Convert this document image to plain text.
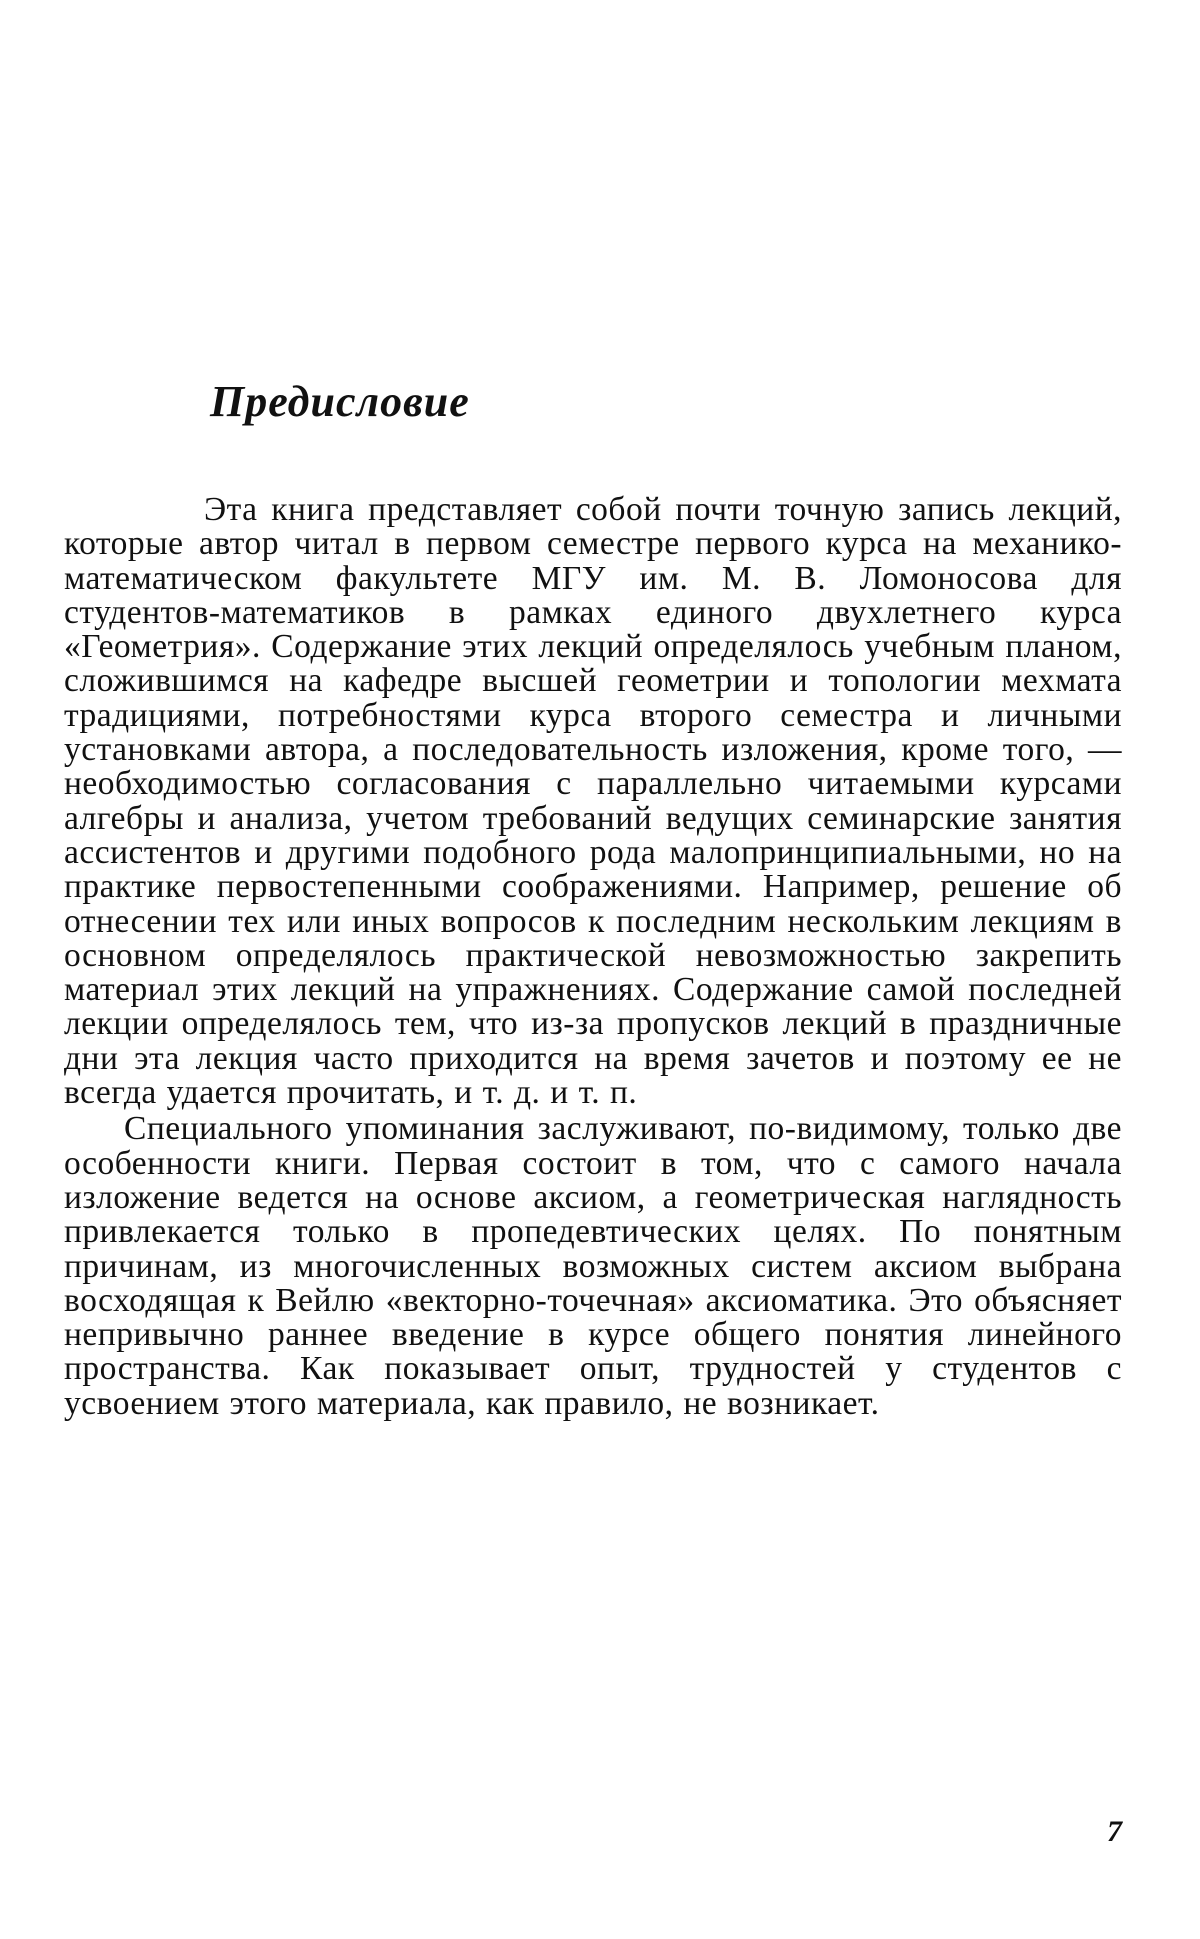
Предисловие

Эта книга представляет собой почти точную запись лекций, которые автор читал в первом семестре первого курса на механико-математическом факультете МГУ им. М. В. Ломоносова для студентов-математиков в рамках единого двухлетнего курса «Геометрия». Содержание этих лекций определялось учебным планом, сложившимся на кафедре высшей геометрии и топологии мехмата традициями, потребностями курса второго семестра и личными установками автора, а последовательность изложения, кроме того, — необходимостью согласования с параллельно читаемыми курсами алгебры и анализа, учетом требований ведущих семинарские занятия ассистентов и другими подобного рода малопринципиальными, но на практике первостепенными соображениями. Например, решение об отнесении тех или иных вопросов к последним нескольким лекциям в основном определялось практической невозможностью закрепить материал этих лекций на упражнениях. Содержание самой последней лекции определялось тем, что из-за пропусков лекций в праздничные дни эта лекция часто приходится на время зачетов и поэтому ее не всегда удается прочитать, и т. д. и т. п.

Специального упоминания заслуживают, по-видимому, только две особенности книги. Первая состоит в том, что с самого начала изложение ведется на основе аксиом, а геометрическая наглядность привлекается только в пропедевтических целях. По понятным причинам, из многочисленных возможных систем аксиом выбрана восходящая к Вейлю «векторно-точечная» аксиоматика. Это объясняет непривычно раннее введение в курсе общего понятия линейного пространства. Как показывает опыт, трудностей у студентов с усвоением этого материала, как правило, не возникает.

7
